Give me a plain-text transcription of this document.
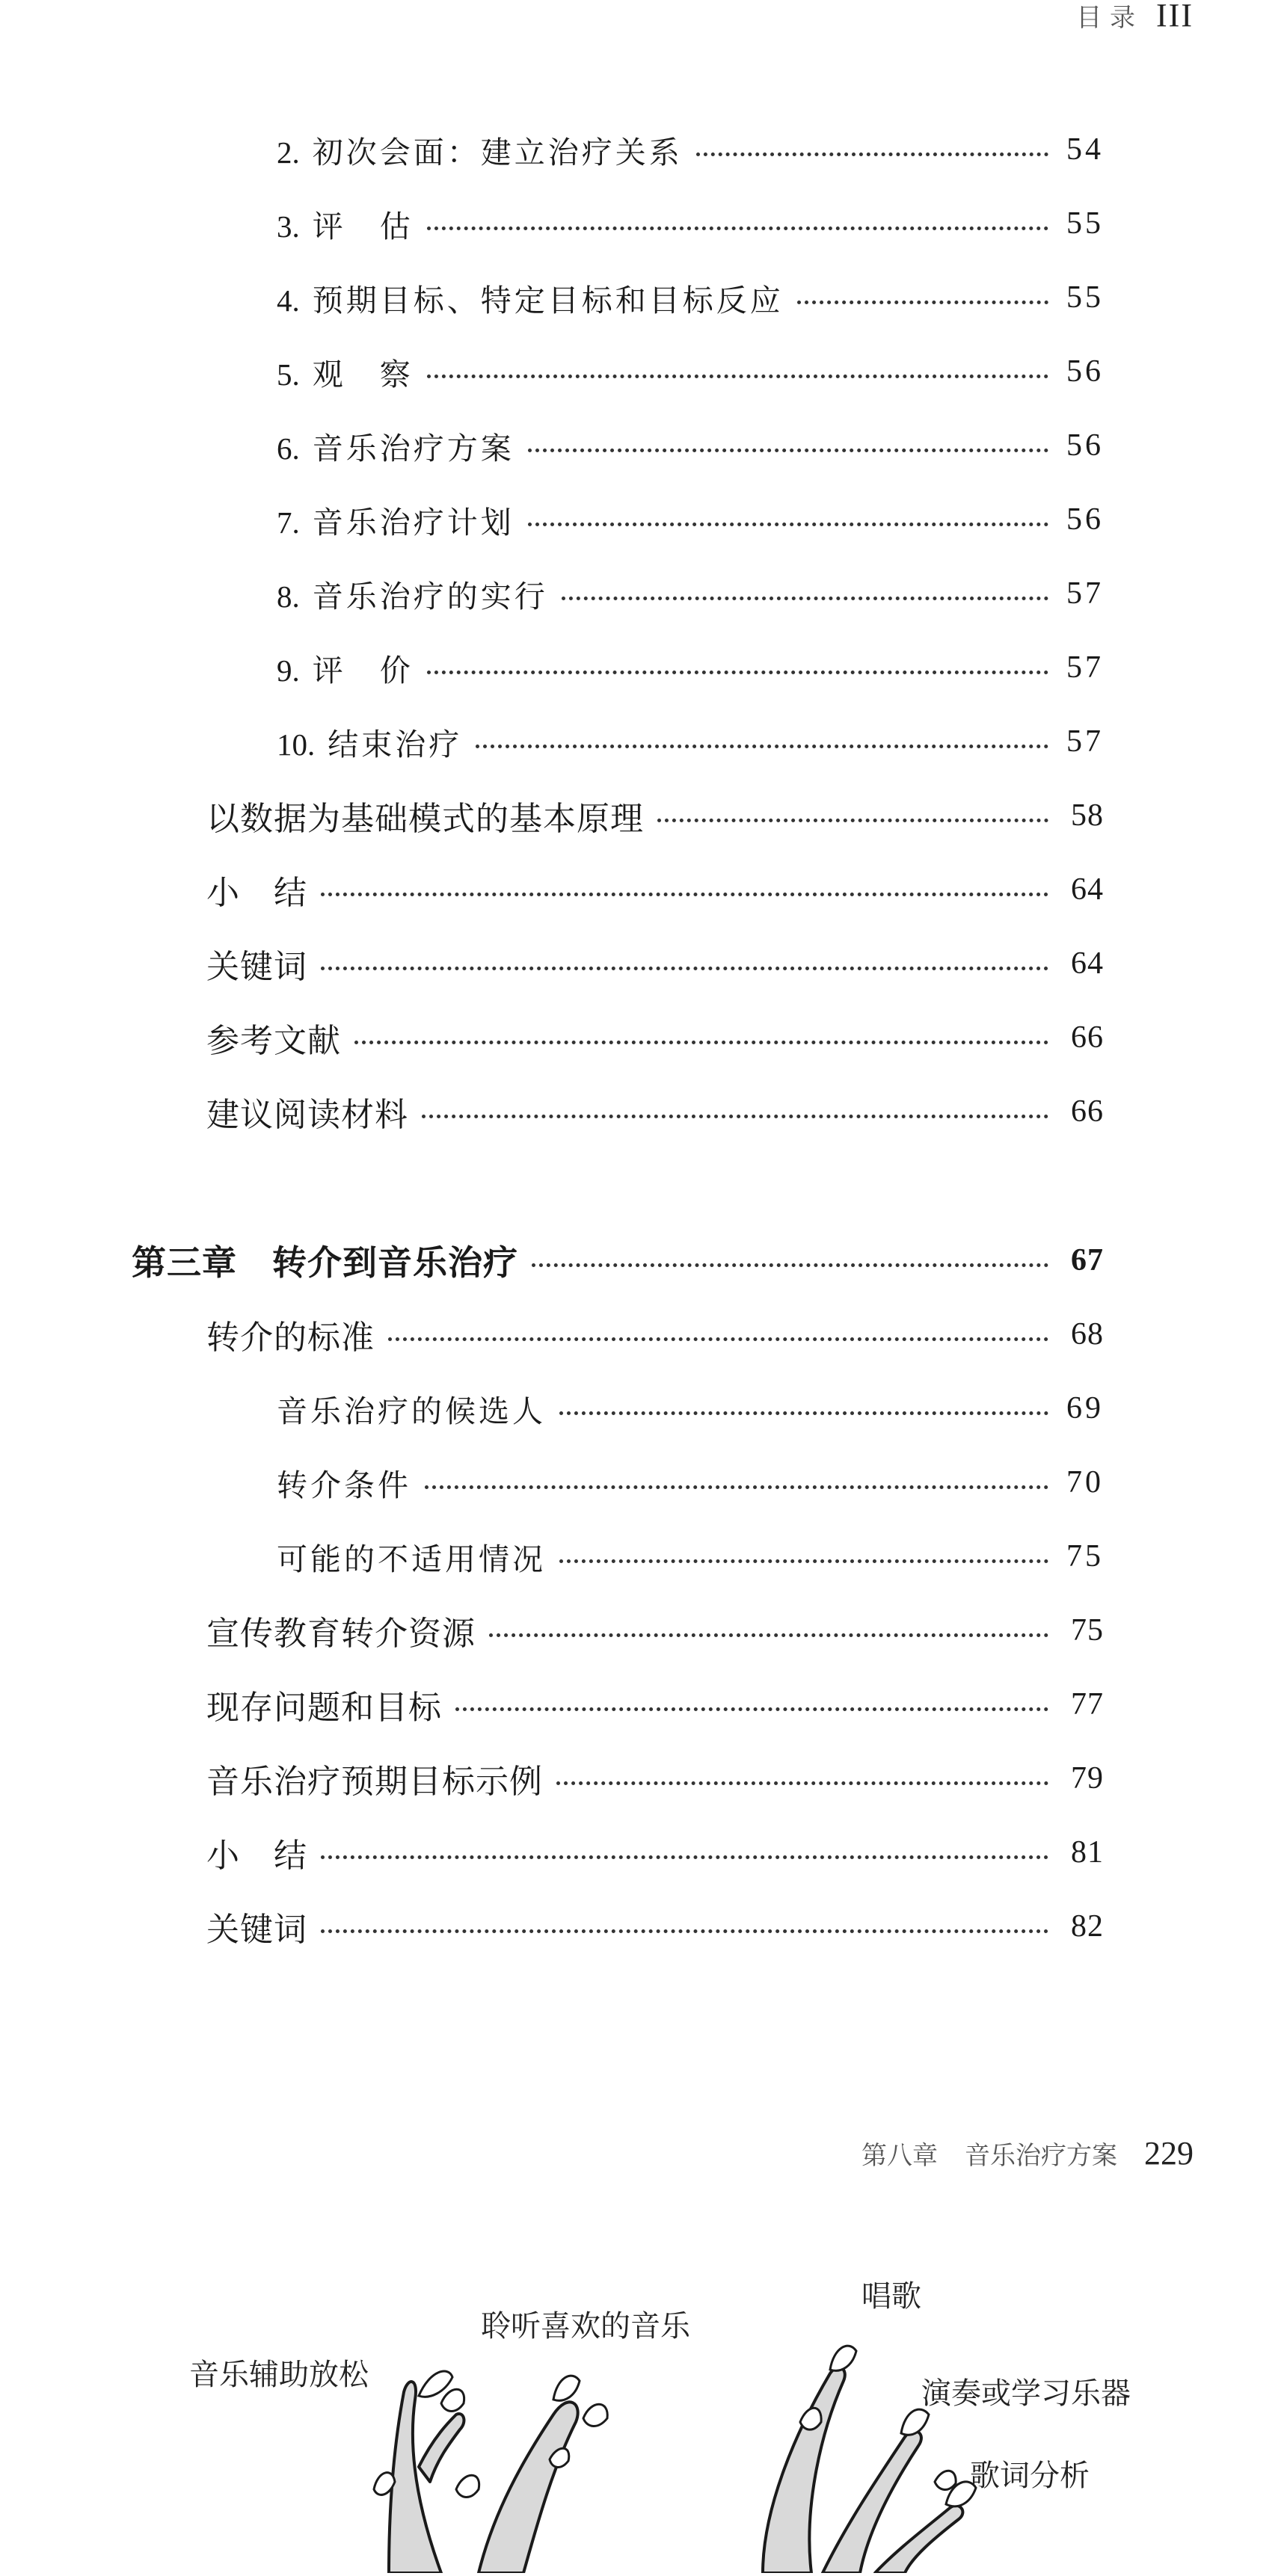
目 录 III
2. 初次会面：建立治疗关系	54
3. 评　估	55
4. 预期目标、特定目标和目标反应	55
5. 观　察	56
6. 音乐治疗方案	56
7. 音乐治疗计划	56
8. 音乐治疗的实行	57
9. 评　价	57
10. 结束治疗	57
以数据为基础模式的基本原理	58
小　结	64
关键词	64
参考文献	66
建议阅读材料	66
第三章　转介到音乐治疗	67
转介的标准	68
音乐治疗的候选人	69
转介条件	70
可能的不适用情况	75
宣传教育转介资源	75
现存问题和目标	77
音乐治疗预期目标示例	79
小　结	81
关键词	82
第八章 音乐治疗方案 229
音乐辅助放松
聆听喜欢的音乐
唱歌
演奏或学习乐器
歌词分析
